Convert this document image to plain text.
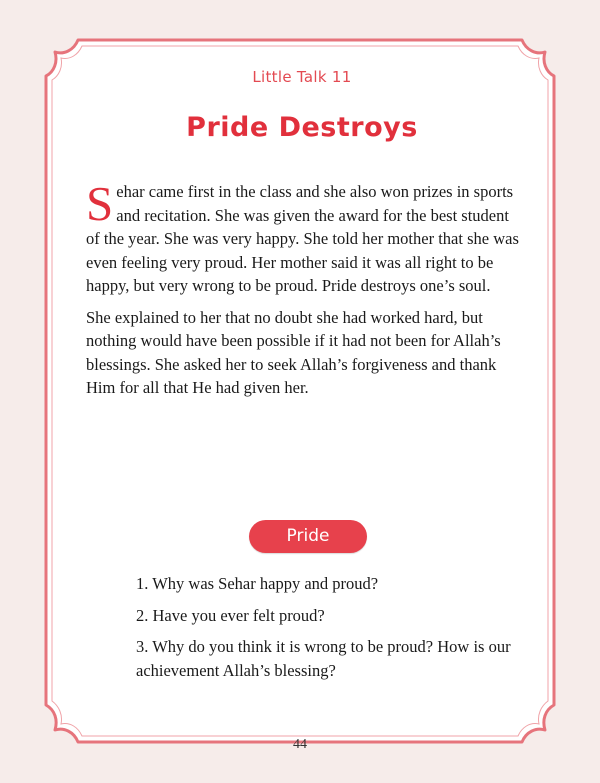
Little Talk 11
Pride Destroys

Sehar came first in the class and she also won prizes in sports and recitation. She was given the award for the best student of the year. She was very happy. She told her mother that she was even feeling very proud. Her mother said it was all right to be happy, but very wrong to be proud. Pride destroys one’s soul.

She explained to her that no doubt she had worked hard, but nothing would have been possible if it had not been for Allah’s blessings. She asked her to seek Allah’s forgiveness and thank Him for all that He had given her.

Pride
1. Why was Sehar happy and proud?
2. Have you ever felt proud?
3. Why do you think it is wrong to be proud? How is our achievement Allah’s blessing?
44
